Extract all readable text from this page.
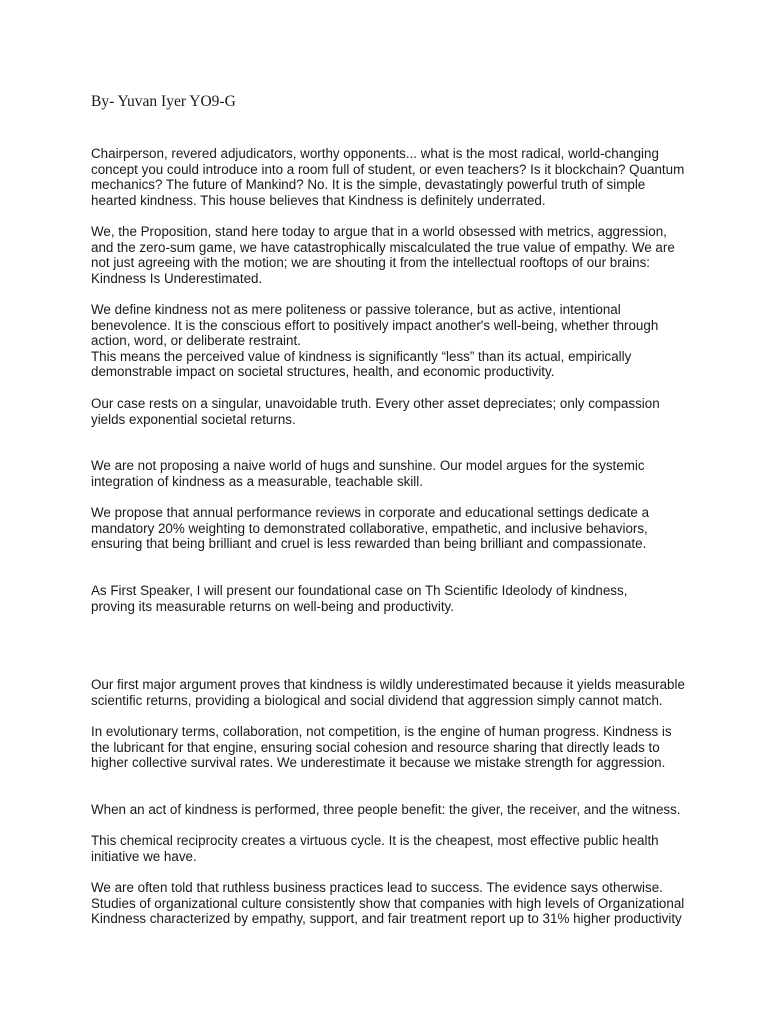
By- Yuvan Iyer YO9-G

Chairperson, revered adjudicators, worthy opponents... what is the most radical, world-changing
concept you could introduce into a room full of student, or even teachers? Is it blockchain? Quantum
mechanics? The future of Mankind? No. It is the simple, devastatingly powerful truth of simple
hearted kindness. This house believes that Kindness is definitely underrated.

We, the Proposition, stand here today to argue that in a world obsessed with metrics, aggression,
and the zero-sum game, we have catastrophically miscalculated the true value of empathy. We are
not just agreeing with the motion; we are shouting it from the intellectual rooftops of our brains:
Kindness Is Underestimated.

We define kindness not as mere politeness or passive tolerance, but as active, intentional
benevolence. It is the conscious effort to positively impact another's well-being, whether through
action, word, or deliberate restraint.
This means the perceived value of kindness is significantly “less” than its actual, empirically
demonstrable impact on societal structures, health, and economic productivity.

Our case rests on a singular, unavoidable truth. Every other asset depreciates; only compassion
yields exponential societal returns.

We are not proposing a naive world of hugs and sunshine. Our model argues for the systemic
integration of kindness as a measurable, teachable skill.

We propose that annual performance reviews in corporate and educational settings dedicate a
mandatory 20% weighting to demonstrated collaborative, empathetic, and inclusive behaviors,
ensuring that being brilliant and cruel is less rewarded than being brilliant and compassionate.

As First Speaker, I will present our foundational case on Th Scientific Ideolody of kindness,
proving its measurable returns on well-being and productivity.

Our first major argument proves that kindness is wildly underestimated because it yields measurable
scientific returns, providing a biological and social dividend that aggression simply cannot match.

In evolutionary terms, collaboration, not competition, is the engine of human progress. Kindness is
the lubricant for that engine, ensuring social cohesion and resource sharing that directly leads to
higher collective survival rates. We underestimate it because we mistake strength for aggression.

When an act of kindness is performed, three people benefit: the giver, the receiver, and the witness.

This chemical reciprocity creates a virtuous cycle. It is the cheapest, most effective public health
initiative we have.

We are often told that ruthless business practices lead to success. The evidence says otherwise.
Studies of organizational culture consistently show that companies with high levels of Organizational
Kindness characterized by empathy, support, and fair treatment report up to 31% higher productivity
